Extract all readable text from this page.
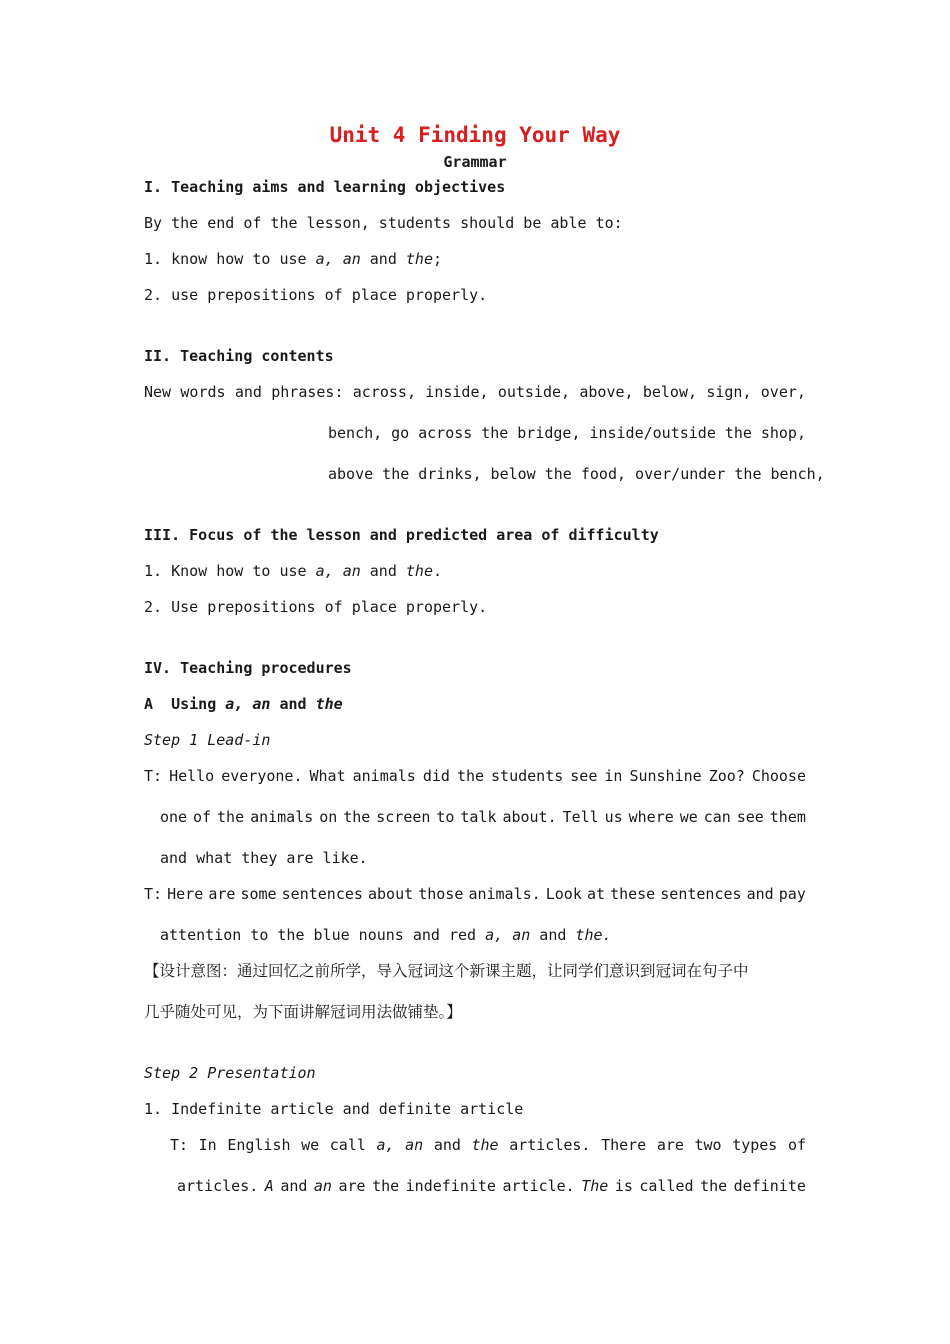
Unit 4 Finding Your Way
Grammar
I. Teaching aims and learning objectives
By the end of the lesson, students should be able to:
1. know how to use a, an and the;
2. use prepositions of place properly.
II. Teaching contents
New words and phrases: across, inside, outside, above, below, sign, over,
bench, go across the bridge, inside/outside the shop,
above the drinks, below the food, over/under the bench,
III. Focus of the lesson and predicted area of difficulty
1. Know how to use a, an and the.
2. Use prepositions of place properly.
IV. Teaching procedures
A  Using a, an and the
Step 1 Lead-in
T: Hello everyone. What animals did the students see in Sunshine Zoo? Choose
one of the animals on the screen to talk about. Tell us where we can see them
and what they are like.
T: Here are some sentences about those animals. Look at these sentences and pay
attention to the blue nouns and red a, an and the.
【设计意图：通过回忆之前所学，导入冠词这个新课主题，让同学们意识到冠词在句子中
几乎随处可见，为下面讲解冠词用法做铺垫。】
Step 2 Presentation
1. Indefinite article and definite article
T: In English we call a, an and the articles. There are two types of
articles. A and an are the indefinite article. The is called the definite
